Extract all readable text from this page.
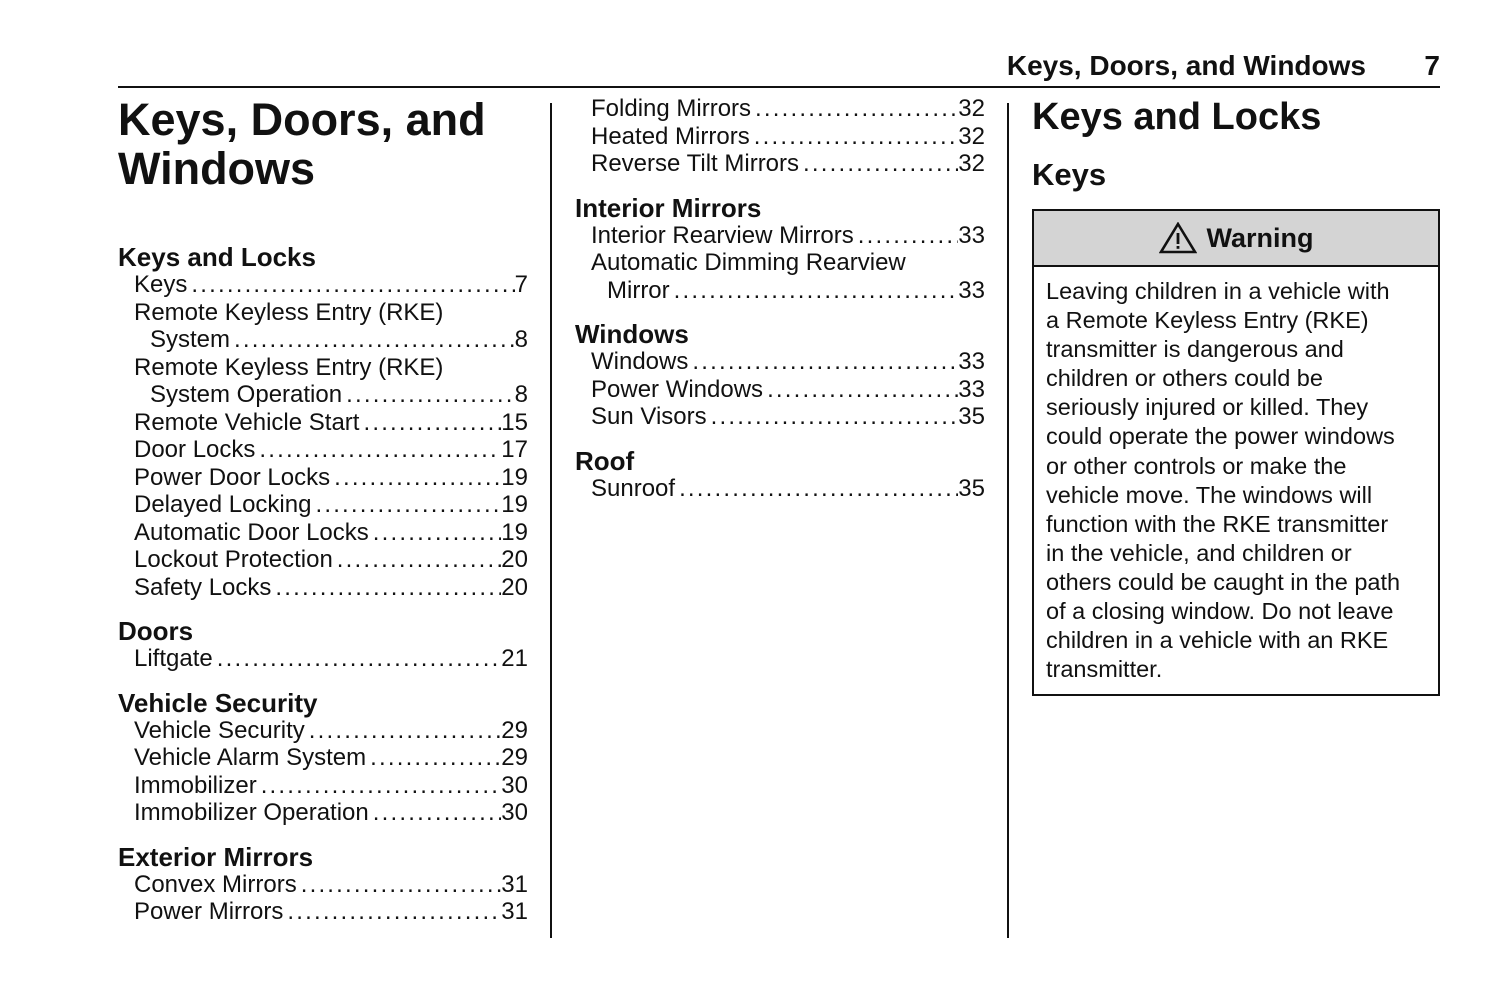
Keys, Doors, and Windows 7
Keys, Doors, and
Windows
Keys and Locks
Keys .....	7
Remote Keyless Entry (RKE)
System .....	8
Remote Keyless Entry (RKE)
System Operation .....	8
Remote Vehicle Start .....	15
Door Locks .....	17
Power Door Locks .....	19
Delayed Locking .....	19
Automatic Door Locks .....	19
Lockout Protection .....	20
Safety Locks .....	20
Doors
Liftgate .....	21
Vehicle Security
Vehicle Security .....	29
Vehicle Alarm System .....	29
Immobilizer .....	30
Immobilizer Operation .....	30
Exterior Mirrors
Convex Mirrors .....	31
Power Mirrors .....	31
Folding Mirrors .....	32
Heated Mirrors .....	32
Reverse Tilt Mirrors .....	32
Interior Mirrors
Interior Rearview Mirrors .....	33
Automatic Dimming Rearview
Mirror .....	33
Windows
Windows .....	33
Power Windows .....	33
Sun Visors .....	35
Roof
Sunroof .....	35
Keys and Locks
Keys
Warning
Leaving children in a vehicle with
a Remote Keyless Entry (RKE)
transmitter is dangerous and
children or others could be
seriously injured or killed. They
could operate the power windows
or other controls or make the
vehicle move. The windows will
function with the RKE transmitter
in the vehicle, and children or
others could be caught in the path
of a closing window. Do not leave
children in a vehicle with an RKE
transmitter.
